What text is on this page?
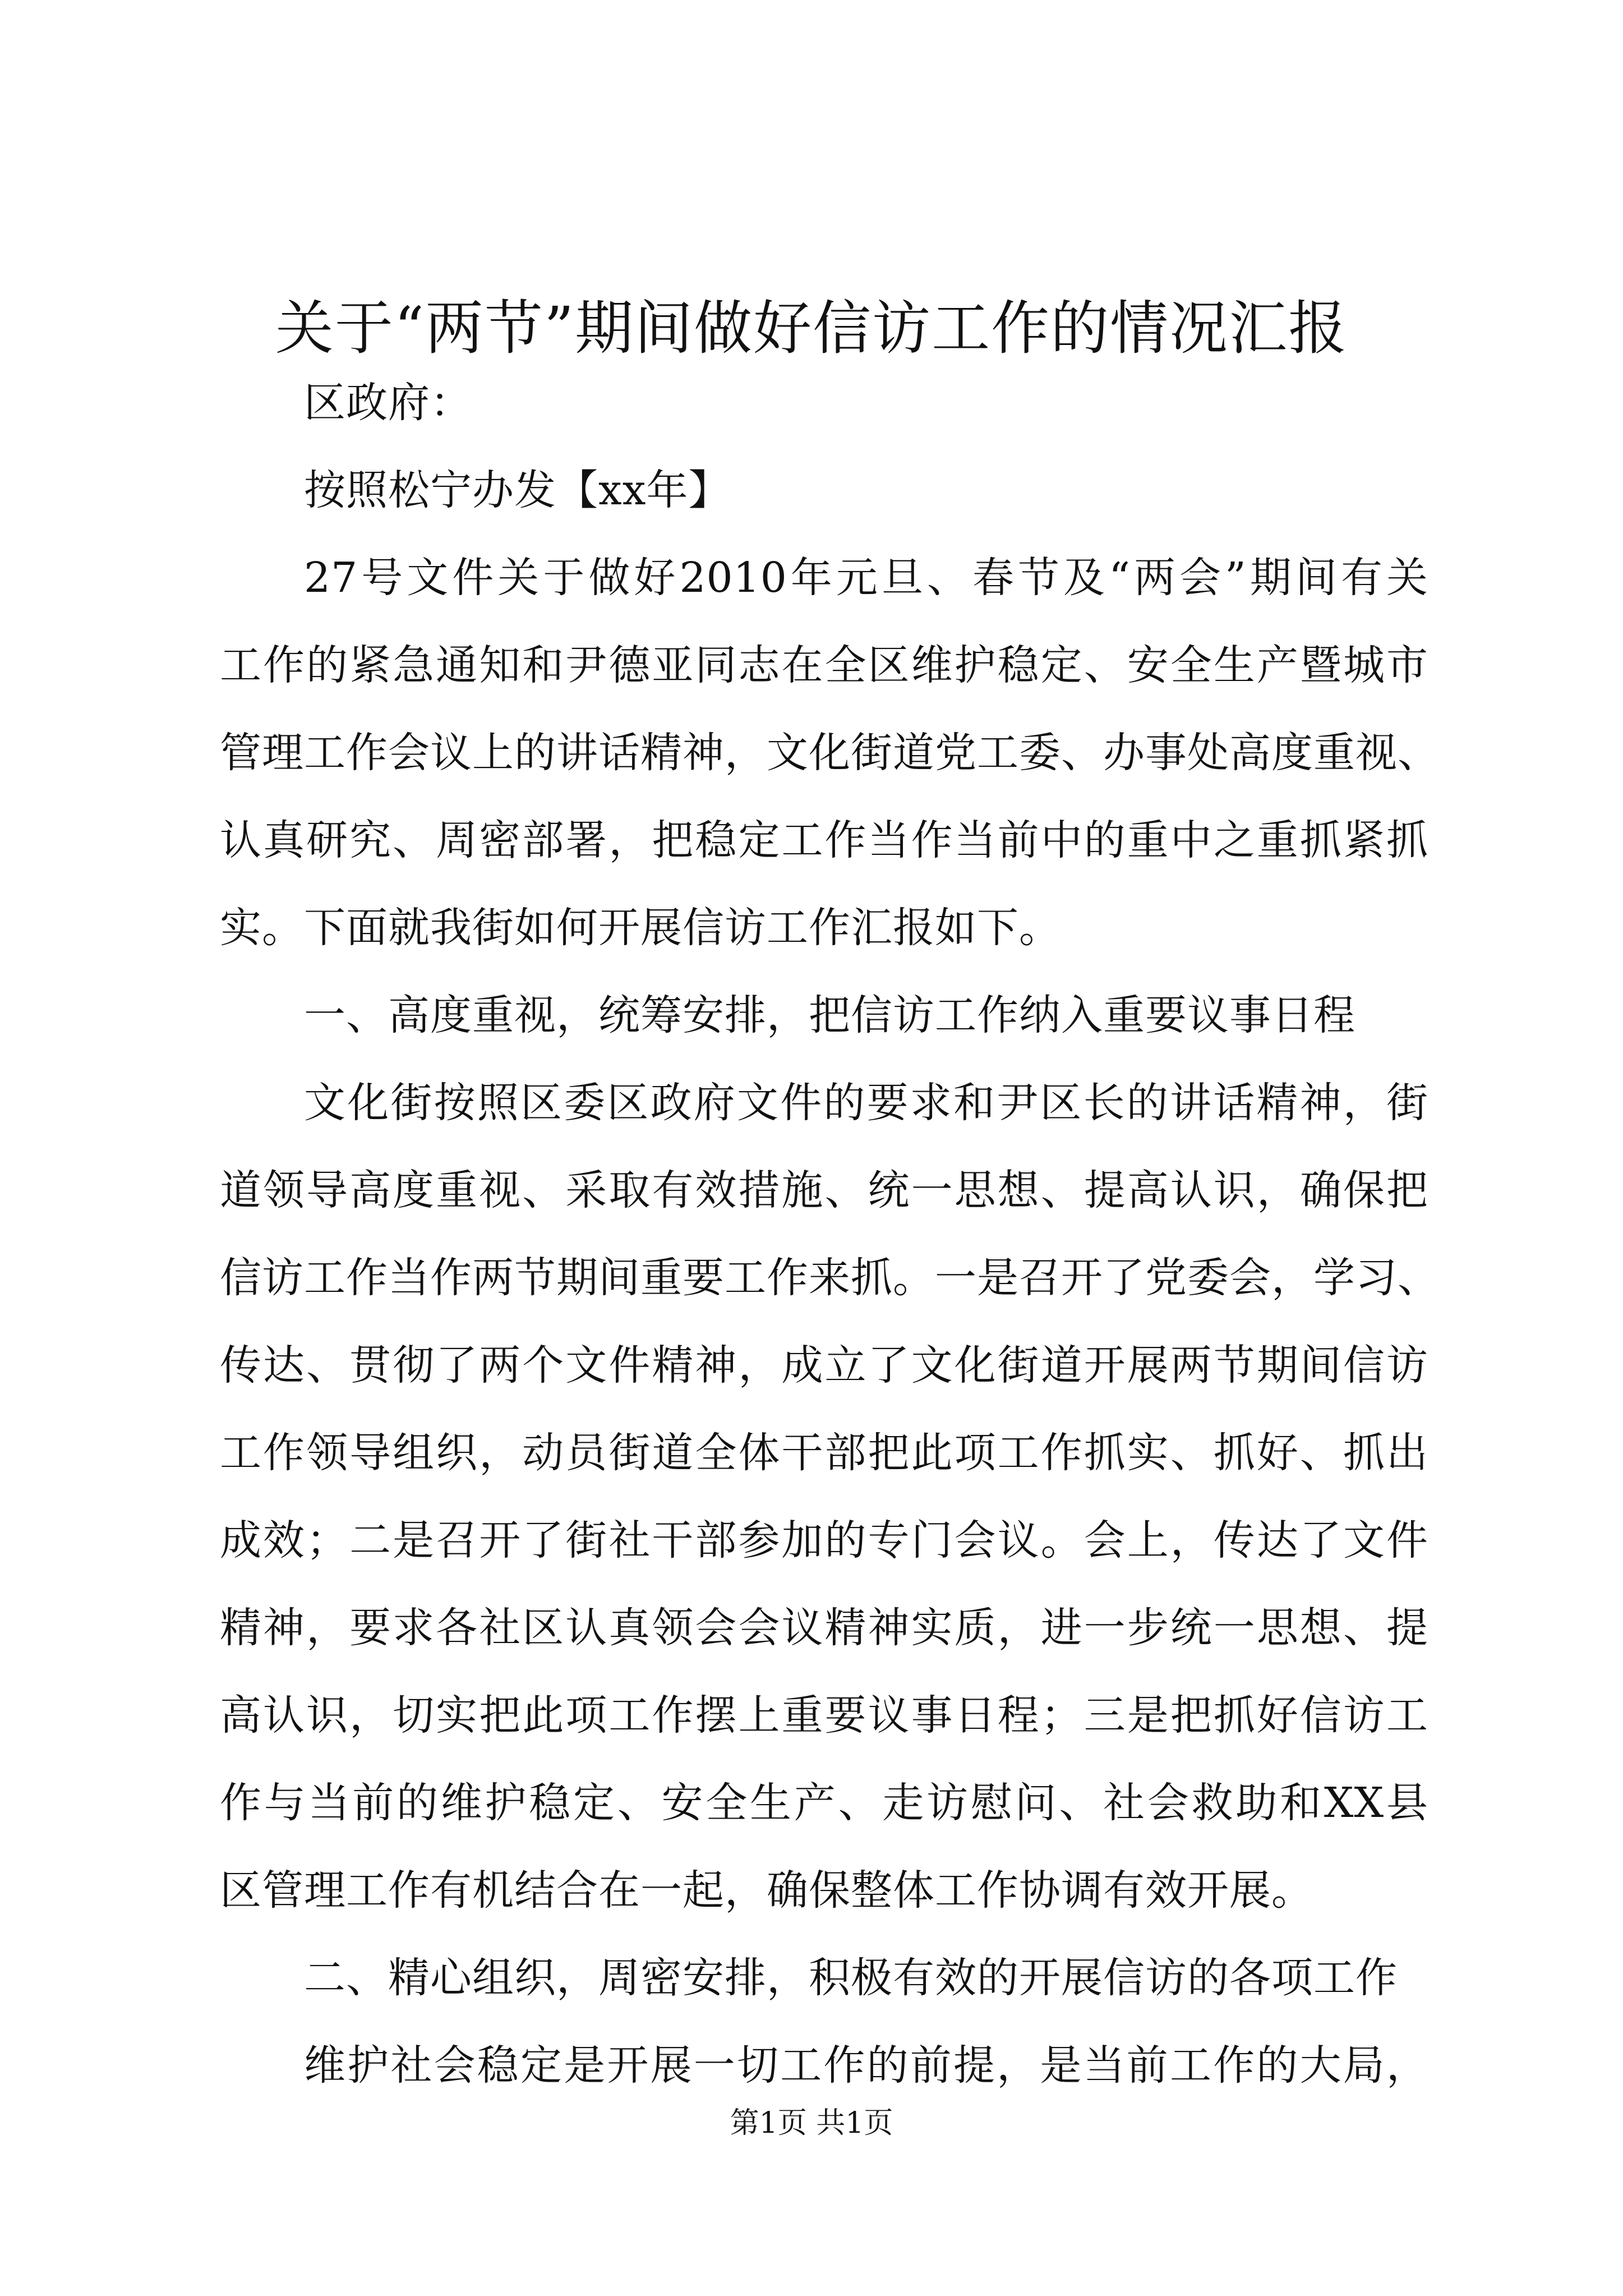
关于“两节”期间做好信访工作的情况汇报
区政府：
按照松宁办发【xx年】
27号文件关于做好2010年元旦、春节及“两会”期间有关
工作的紧急通知和尹德亚同志在全区维护稳定、安全生产暨城市
管理工作会议上的讲话精神，文化街道党工委、办事处高度重视、
认真研究、周密部署，把稳定工作当作当前中的重中之重抓紧抓
实。下面就我街如何开展信访工作汇报如下。
一、高度重视，统筹安排，把信访工作纳入重要议事日程
文化街按照区委区政府文件的要求和尹区长的讲话精神，街
道领导高度重视、采取有效措施、统一思想、提高认识，确保把
信访工作当作两节期间重要工作来抓。一是召开了党委会，学习、
传达、贯彻了两个文件精神，成立了文化街道开展两节期间信访
工作领导组织，动员街道全体干部把此项工作抓实、抓好、抓出
成效；二是召开了街社干部参加的专门会议。会上，传达了文件
精神，要求各社区认真领会会议精神实质，进一步统一思想、提
高认识，切实把此项工作摆上重要议事日程；三是把抓好信访工
作与当前的维护稳定、安全生产、走访慰问、社会救助和XX县
区管理工作有机结合在一起，确保整体工作协调有效开展。
二、精心组织，周密安排，积极有效的开展信访的各项工作
维护社会稳定是开展一切工作的前提，是当前工作的大局，
第1页 共1页
